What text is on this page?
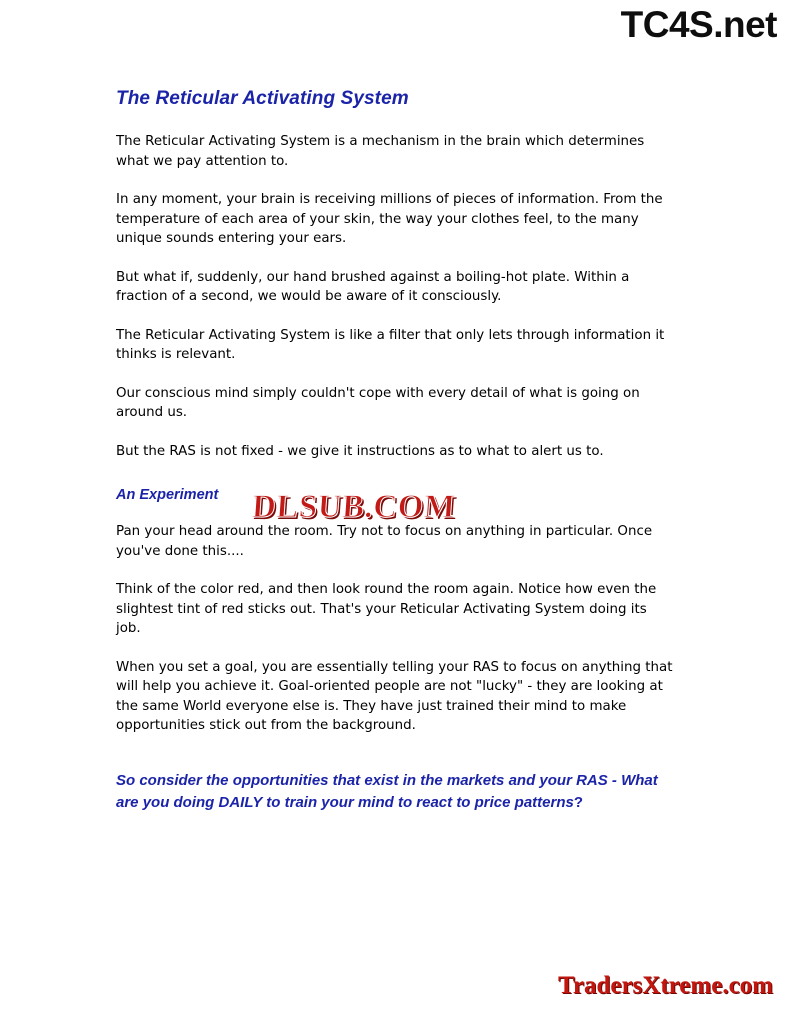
TC4S.net
The Reticular Activating System

The Reticular Activating System is a mechanism in the brain which determines what we pay attention to.

In any moment, your brain is receiving millions of pieces of information. From the temperature of each area of your skin, the way your clothes feel, to the many unique sounds entering your ears.

But what if, suddenly, our hand brushed against a boiling-hot plate. Within a fraction of a second, we would be aware of it consciously.

The Reticular Activating System is like a filter that only lets through information it thinks is relevant.

Our conscious mind simply couldn't cope with every detail of what is going on around us.

But the RAS is not fixed - we give it instructions as to what to alert us to.

An Experiment

Pan your head around the room. Try not to focus on anything in particular. Once you've done this....

Think of the color red, and then look round the room again. Notice how even the slightest tint of red sticks out. That's your Reticular Activating System doing its job.

When you set a goal, you are essentially telling your RAS to focus on anything that will help you achieve it. Goal-oriented people are not "lucky" - they are looking at the same World everyone else is. They have just trained their mind to make opportunities stick out from the background.

So consider the opportunities that exist in the markets and your RAS - What are you doing DAILY to train your mind to react to price patterns?

DLSUB.COM
TradersXtreme.com
